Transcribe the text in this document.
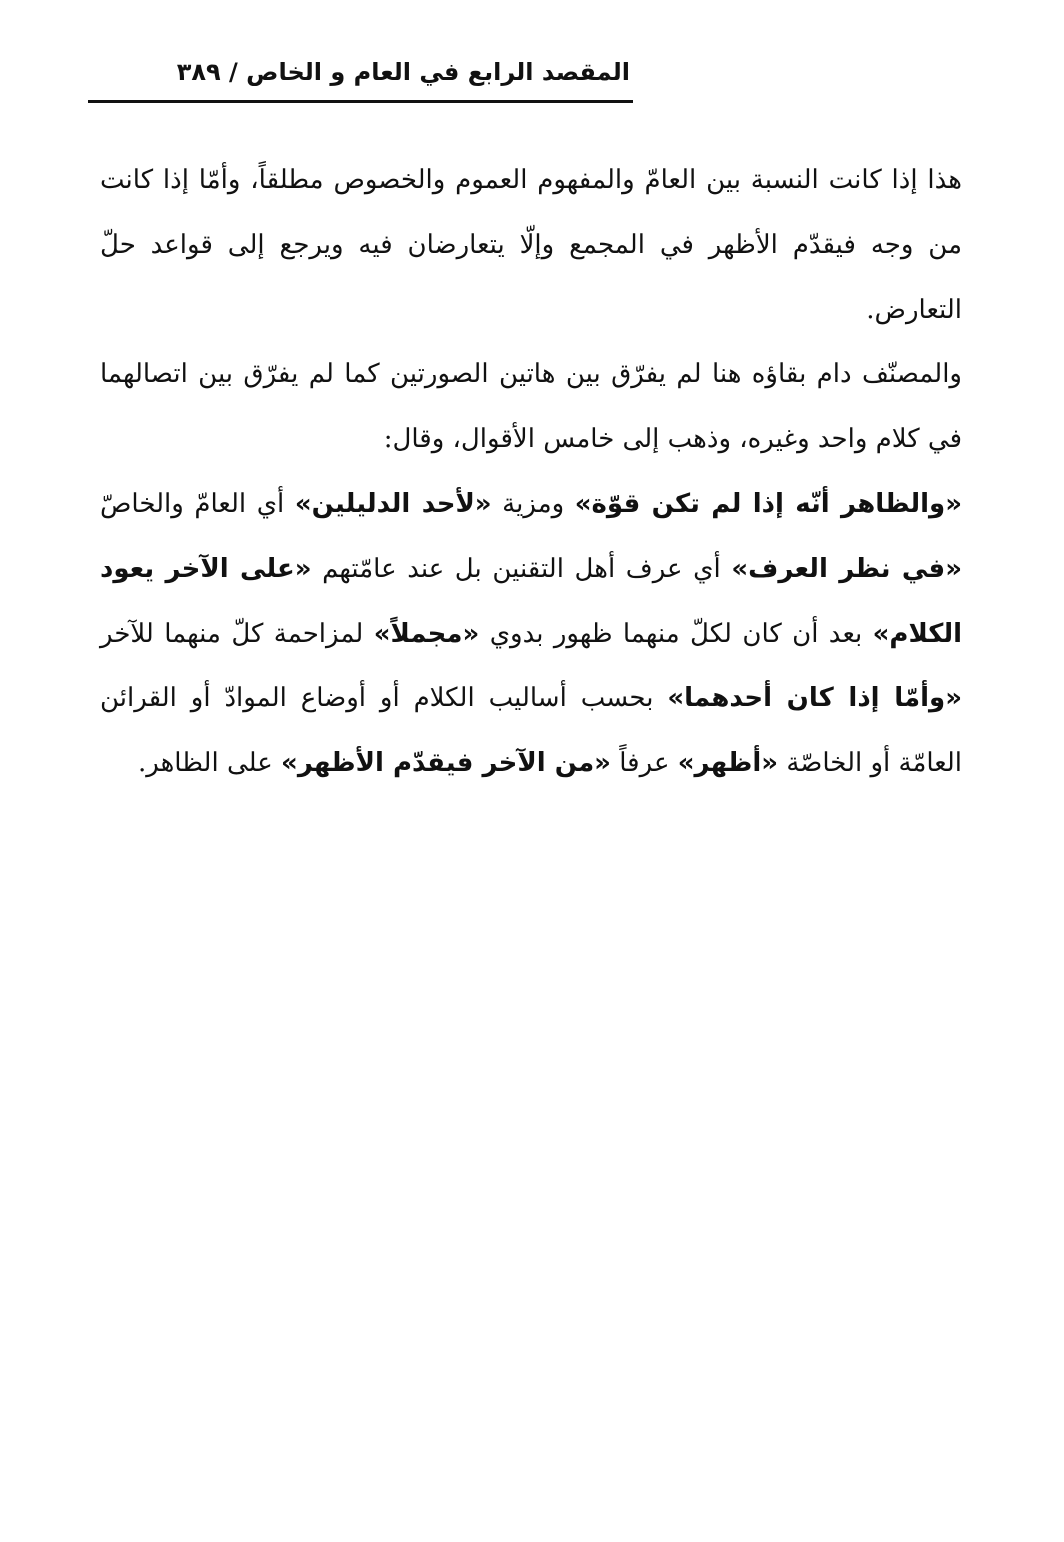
المقصد الرابع في العام و الخاص / ٣٨٩

هذا إذا كانت النسبة بين العامّ والمفهوم العموم والخصوص مطلقاً، وأمّا إذا كانت من وجه فيقدّم الأظهر في المجمع وإلّا يتعارضان فيه ويرجع إلى قواعد حلّ التعارض.

والمصنّف دام بقاؤه هنا لم يفرّق بين هاتين الصورتين كما لم يفرّق بين اتصالهما في كلام واحد وغيره، وذهب إلى خامس الأقوال، وقال:

«والظاهر أنّه إذا لم تكن قوّة» ومزية «لأحد الدليلين» أي العامّ والخاصّ «في نظر العرف» أي عرف أهل التقنين بل عند عامّتهم «على الآخر يعود الكلام» بعد أن كان لكلّ منهما ظهور بدوي «مجملاً» لمزاحمة كلّ منهما للآخر «وأمّا إذا كان أحدهما» بحسب أساليب الكلام أو أوضاع الموادّ أو القرائن العامّة أو الخاصّة «أظهر» عرفاً «من الآخر فيقدّم الأظهر» على الظاهر.
